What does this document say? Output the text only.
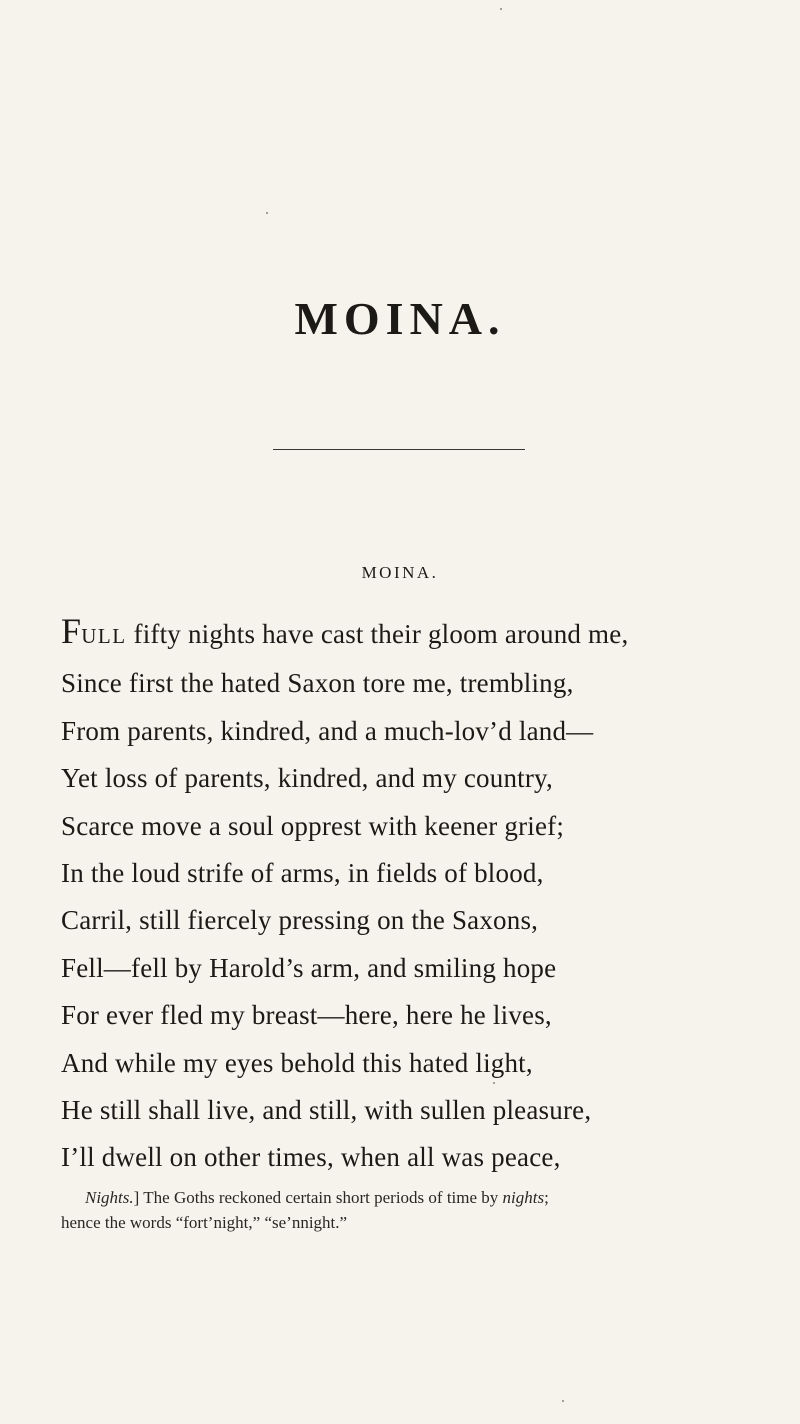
MOINA.
MOINA.
FULL fifty nights have cast their gloom around me,
Since first the hated Saxon tore me, trembling,
From parents, kindred, and a much-lov’d land—
Yet loss of parents, kindred, and my country,
Scarce move a soul opprest with keener grief;
In the loud strife of arms, in fields of blood,
Carril, still fiercely pressing on the Saxons,
Fell—fell by Harold’s arm, and smiling hope
For ever fled my breast—here, here he lives,
And while my eyes behold this hated light,
He still shall live, and still, with sullen pleasure,
I’ll dwell on other times, when all was peace,
Nights.] The Goths reckoned certain short periods of time by nights;
hence the words “fort’night,” “se’nnight.”
